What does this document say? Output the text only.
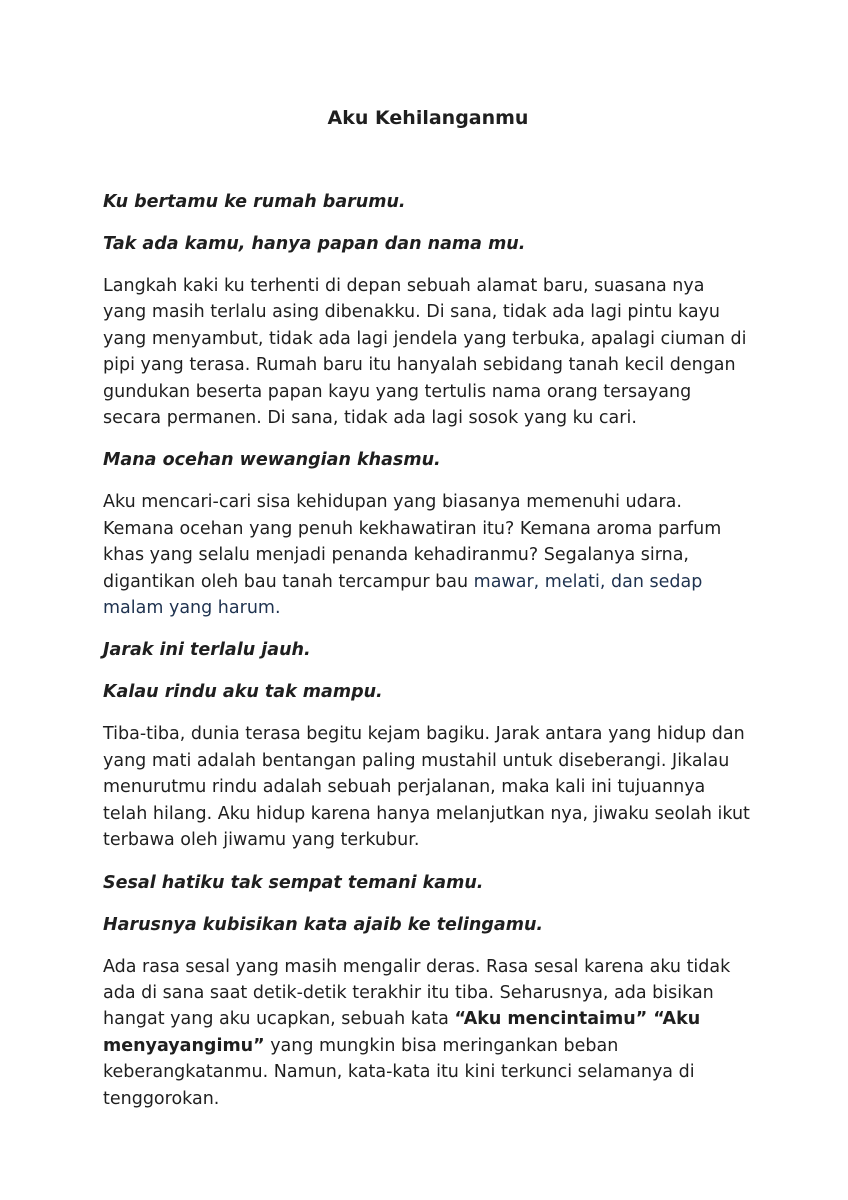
Aku Kehilanganmu
Ku bertamu ke rumah barumu.
Tak ada kamu, hanya papan dan nama mu.
Langkah kaki ku terhenti di depan sebuah alamat baru, suasana nya yang masih terlalu asing dibenakku. Di sana, tidak ada lagi pintu kayu yang menyambut, tidak ada lagi jendela yang terbuka, apalagi ciuman di pipi yang terasa. Rumah baru itu hanyalah sebidang tanah kecil dengan gundukan beserta papan kayu yang tertulis nama orang tersayang secara permanen. Di sana, tidak ada lagi sosok yang ku cari.
Mana ocehan wewangian khasmu.
Aku mencari-cari sisa kehidupan yang biasanya memenuhi udara. Kemana ocehan yang penuh kekhawatiran itu? Kemana aroma parfum khas yang selalu menjadi penanda kehadiranmu? Segalanya sirna, digantikan oleh bau tanah tercampur bau mawar, melati, dan sedap malam yang harum.
Jarak ini terlalu jauh.
Kalau rindu aku tak mampu.
Tiba-tiba, dunia terasa begitu kejam bagiku. Jarak antara yang hidup dan yang mati adalah bentangan paling mustahil untuk diseberangi. Jikalau menurutmu rindu adalah sebuah perjalanan, maka kali ini tujuannya telah hilang. Aku hidup karena hanya melanjutkan nya, jiwaku seolah ikut terbawa oleh jiwamu yang terkubur.
Sesal hatiku tak sempat temani kamu.
Harusnya kubisikan kata ajaib ke telingamu.
Ada rasa sesal yang masih mengalir deras. Rasa sesal karena aku tidak ada di sana saat detik-detik terakhir itu tiba. Seharusnya, ada bisikan hangat yang aku ucapkan, sebuah kata “Aku mencintaimu” “Aku menyayangimu” yang mungkin bisa meringankan beban keberangkatanmu. Namun, kata-kata itu kini terkunci selamanya di tenggorokan.
